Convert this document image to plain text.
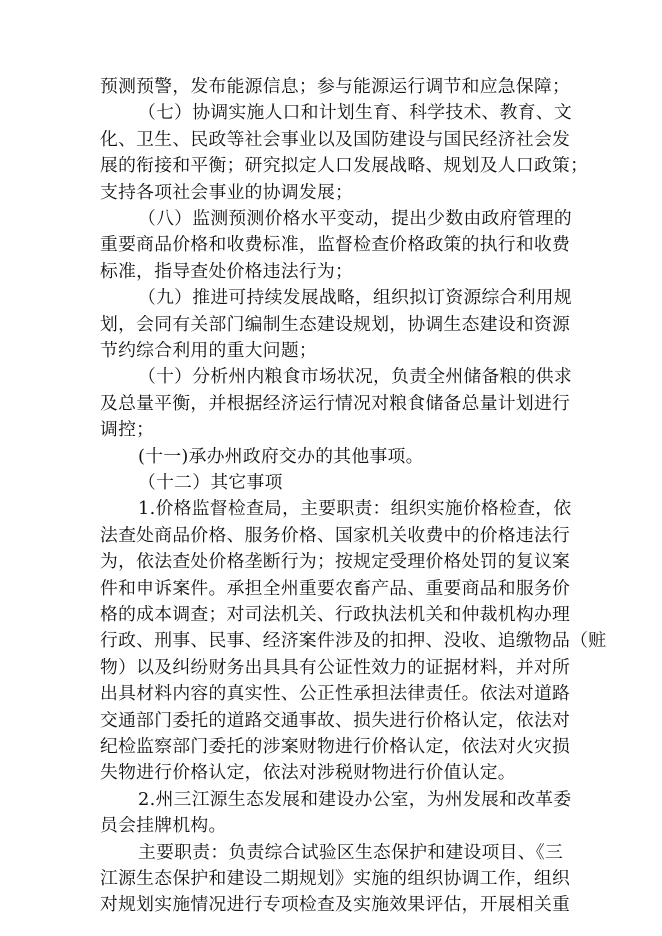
预测预警，发布能源信息；参与能源运行调节和应急保障；
（七）协调实施人口和计划生育、科学技术、教育、文
化、卫生、民政等社会事业以及国防建设与国民经济社会发
展的衔接和平衡；研究拟定人口发展战略、规划及人口政策；
支持各项社会事业的协调发展；
（八）监测预测价格水平变动，提出少数由政府管理的
重要商品价格和收费标准，监督检查价格政策的执行和收费
标准，指导查处价格违法行为；
（九）推进可持续发展战略，组织拟订资源综合利用规
划，会同有关部门编制生态建设规划，协调生态建设和资源
节约综合利用的重大问题；
（十）分析州内粮食市场状况，负责全州储备粮的供求
及总量平衡，并根据经济运行情况对粮食储备总量计划进行
调控；
(十一)承办州政府交办的其他事项。
（十二）其它事项
1.价格监督检查局，主要职责：组织实施价格检查，依
法查处商品价格、服务价格、国家机关收费中的价格违法行
为，依法查处价格垄断行为；按规定受理价格处罚的复议案
件和申诉案件。承担全州重要农畜产品、重要商品和服务价
格的成本调查；对司法机关、行政执法机关和仲裁机构办理
行政、刑事、民事、经济案件涉及的扣押、没收、追缴物品（赃
物）以及纠纷财务出具具有公证性效力的证据材料，并对所
出具材料内容的真实性、公正性承担法律责任。依法对道路
交通部门委托的道路交通事故、损失进行价格认定，依法对
纪检监察部门委托的涉案财物进行价格认定，依法对火灾损
失物进行价格认定，依法对涉税财物进行价值认定。
2.州三江源生态发展和建设办公室，为州发展和改革委
员会挂牌机构。
主要职责：负责综合试验区生态保护和建设项目、《三
江源生态保护和建设二期规划》实施的组织协调工作，组织
对规划实施情况进行专项检查及实施效果评估，开展相关重
